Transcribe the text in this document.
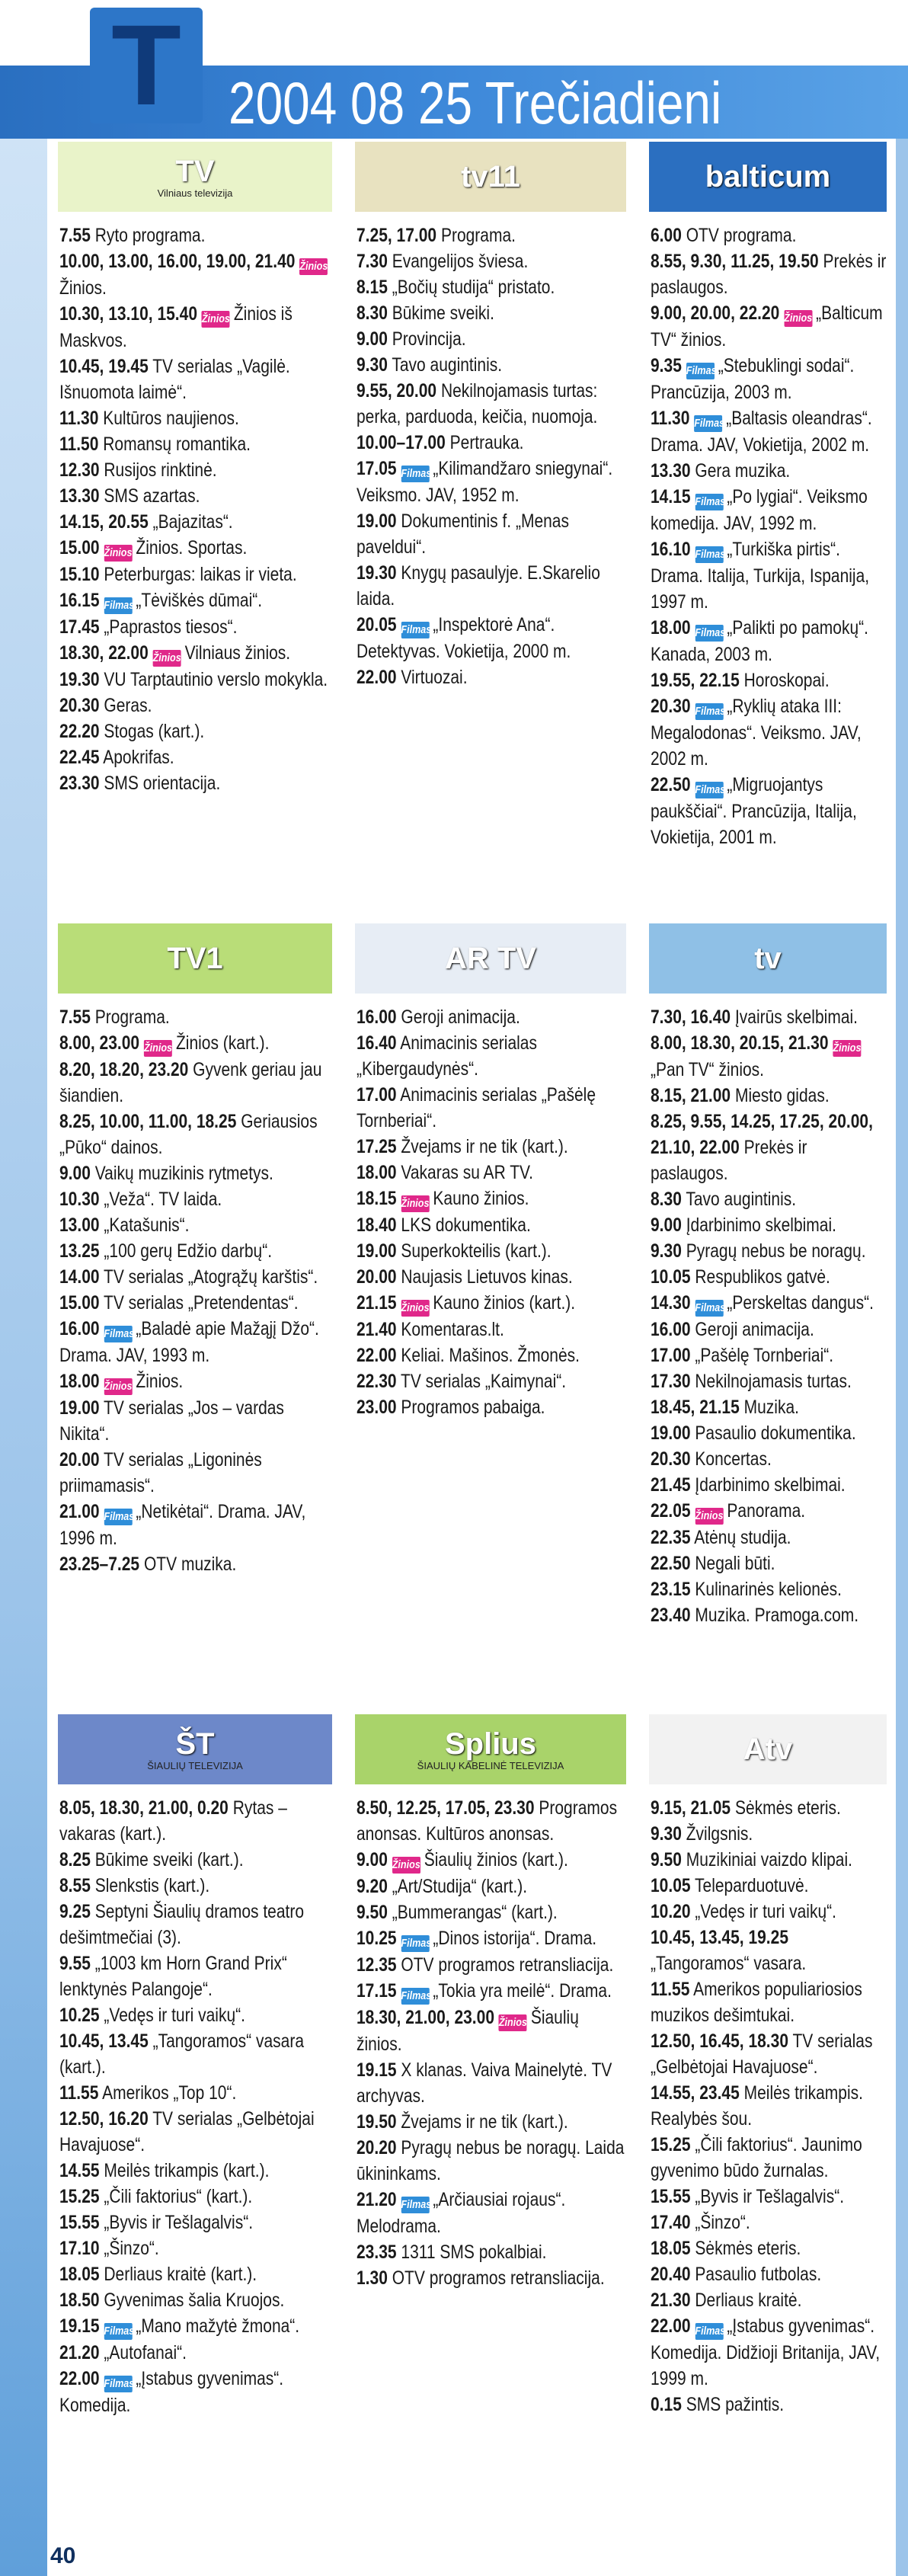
T 2004 08 25 Trečiadieni
TV
Vilniaus televizija

7.55 Ryto programa.

10.00, 13.00, 16.00, 19.00, 21.40 ŽiniosŽinios.

10.30, 13.10, 15.40 Žinios Žinios iš Maskvos.

10.45, 19.45 TV serialas „Vagilė. Išnuomota laimė“.

11.30 Kultūros naujienos.

11.50 Romansų romantika.

12.30 Rusijos rinktinė.

13.30 SMS azartas.

14.15, 20.55 „Bajazitas“.

15.00 Žinios Žinios. Sportas.

15.10 Peterburgas: laikas ir vieta.

16.15 Filmas„Tėviškės dūmai“.

17.45 „Paprastos tiesos“.

18.30, 22.00 Žinios Vilniaus žinios.

19.30 VU Tarptautinio verslo mokykla.

20.30 Geras.

22.20 Stogas (kart.).

22.45 Apokrifas.

23.30 SMS orientacija.

TV1

7.55 Programa.

8.00, 23.00 Žinios Žinios (kart.).

8.20, 18.20, 23.20 Gyvenk geriau jau šiandien.

8.25, 10.00, 11.00, 18.25 Geriausios „Pūko“ dainos.

9.00 Vaikų muzikinis rytmetys.

10.30 „Veža“. TV laida.

13.00 „Katašunis“.

13.25 „100 gerų Edžio darbų“.

14.00 TV serialas „Atogrąžų karštis“.

15.00 TV serialas „Pretendentas“.

16.00 Filmas„Baladė apie Mažąjį Džo“. Drama. JAV, 1993 m.

18.00 Žinios Žinios.

19.00 TV serialas „Jos – vardas Nikita“.

20.00 TV serialas „Ligoninės priimamasis“.

21.00 Filmas„Netikėtai“. Drama. JAV, 1996 m.

23.25–7.25 OTV muzika.

ŠT
ŠIAULIŲ TELEVIZIJA

8.05, 18.30, 21.00, 0.20 Rytas – vakaras (kart.).

8.25 Būkime sveiki (kart.).

8.55 Slenkstis (kart.).

9.25 Septyni Šiaulių dramos teatro dešimtmečiai (3).

9.55 „1003 km Horn Grand Prix“ lenktynės Palangoje“.

10.25 „Vedęs ir turi vaikų“.

10.45, 13.45 „Tangoramos“ vasara (kart.).

11.55 Amerikos „Top 10“.

12.50, 16.20 TV serialas „Gelbėtojai Havajuose“.

14.55 Meilės trikampis (kart.).

15.25 „Čili faktorius“ (kart.).

15.55 „Byvis ir Tešlagalvis“.

17.10 „Šinzo“.

18.05 Derliaus kraitė (kart.).

18.50 Gyvenimas šalia Kruojos.

19.15 Filmas„Mano mažytė žmona“.

21.20 „Autofanai“.

22.00 Filmas„Įstabus gyvenimas“. Komedija.

tv11

7.25, 17.00 Programa.

7.30 Evangelijos šviesa.

8.15 „Bočių studija“ pristato.

8.30 Būkime sveiki.

9.00 Provincija.

9.30 Tavo augintinis.

9.55, 20.00 Nekilnojamasis turtas: perka, parduoda, keičia, nuomoja.

10.00–17.00 Pertrauka.

17.05 Filmas„Kilimandžaro sniegynai“. Veiksmo. JAV, 1952 m.

19.00 Dokumentinis f. „Menas paveldui“.

19.30 Knygų pasaulyje. E.Skarelio laida.

20.05 Filmas„Inspektorė Ana“. Detektyvas. Vokietija, 2000 m.

22.00 Virtuozai.

AR TV

16.00 Geroji animacija.

16.40 Animacinis serialas „Kibergaudynės“.

17.00 Animacinis serialas „Pašėlę Tornberiai“.

17.25 Žvejams ir ne tik (kart.).

18.00 Vakaras su AR TV.

18.15 Žinios Kauno žinios.

18.40 LKS dokumentika.

19.00 Superkokteilis (kart.).

20.00 Naujasis Lietuvos kinas.

21.15 Žinios Kauno žinios (kart.).

21.40 Komentaras.lt.

22.00 Keliai. Mašinos. Žmonės.

22.30 TV serialas „Kaimynai“.

23.00 Programos pabaiga.

Splius
ŠIAULIŲ KABELINĖ TELEVIZIJA

8.50, 12.25, 17.05, 23.30 Programos anonsas. Kultūros anonsas.

9.00 Žinios Šiaulių žinios (kart.).

9.20 „Art/Studija“ (kart.).

9.50 „Bummerangas“ (kart.).

10.25 Filmas„Dinos istorija“. Drama.

12.35 OTV programos retransliacija.

17.15 Filmas„Tokia yra meilė“. Drama.

18.30, 21.00, 23.00 Žinios Šiaulių žinios.

19.15 X klanas. Vaiva Mainelytė. TV archyvas.

19.50 Žvejams ir ne tik (kart.).

20.20 Pyragų nebus be noragų. Laida ūkininkams.

21.20 Filmas„Arčiausiai rojaus“. Melodrama.

23.35 1311 SMS pokalbiai.

1.30 OTV programos retransliacija.

balticum

6.00 OTV programa.

8.55, 9.30, 11.25, 19.50 Prekės ir paslaugos.

9.00, 20.00, 22.20 Žinios „Balticum TV“ žinios.

9.35 Filmas„Stebuklingi sodai“. Prancūzija, 2003 m.

11.30 Filmas„Baltasis oleandras“. Drama. JAV, Vokietija, 2002 m.

13.30 Gera muzika.

14.15 Filmas„Po lygiai“. Veiksmo komedija. JAV, 1992 m.

16.10 Filmas„Turkiška pirtis“. Drama. Italija, Turkija, Ispanija, 1997 m.

18.00 Filmas„Palikti po pamokų“. Kanada, 2003 m.

19.55, 22.15 Horoskopai.

20.30 Filmas„Ryklių ataka III: Megalodonas“. Veiksmo. JAV, 2002 m.

22.50 Filmas„Migruojantys paukščiai“. Prancūzija, Italija, Vokietija, 2001 m.

tv

7.30, 16.40 Įvairūs skelbimai.

8.00, 18.30, 20.15, 21.30 Žinios„Pan TV“ žinios.

8.15, 21.00 Miesto gidas.

8.25, 9.55, 14.25, 17.25, 20.00, 21.10, 22.00 Prekės ir paslaugos.

8.30 Tavo augintinis.

9.00 Įdarbinimo skelbimai.

9.30 Pyragų nebus be noragų.

10.05 Respublikos gatvė.

14.30 Filmas„Perskeltas dangus“.

16.00 Geroji animacija.

17.00 „Pašėlę Tornberiai“.

17.30 Nekilnojamasis turtas.

18.45, 21.15 Muzika.

19.00 Pasaulio dokumentika.

20.30 Koncertas.

21.45 Įdarbinimo skelbimai.

22.05 Žinios Panorama.

22.35 Atėnų studija.

22.50 Negali būti.

23.15 Kulinarinės kelionės.

23.40 Muzika. Pramoga.com.

Atv

9.15, 21.05 Sėkmės eteris.

9.30 Žvilgsnis.

9.50 Muzikiniai vaizdo klipai.

10.05 Teleparduotuvė.

10.20 „Vedęs ir turi vaikų“.

10.45, 13.45, 19.25 „Tangoramos“ vasara.

11.55 Amerikos populiariosios muzikos dešimtukai.

12.50, 16.45, 18.30 TV serialas „Gelbėtojai Havajuose“.

14.55, 23.45 Meilės trikampis. Realybės šou.

15.25 „Čili faktorius“. Jaunimo gyvenimo būdo žurnalas.

15.55 „Byvis ir Tešlagalvis“.

17.40 „Šinzo“.

18.05 Sėkmės eteris.

20.40 Pasaulio futbolas.

21.30 Derliaus kraitė.

22.00 Filmas„Įstabus gyvenimas“. Komedija. Didžioji Britanija, JAV, 1999 m.

0.15 SMS pažintis.

40
